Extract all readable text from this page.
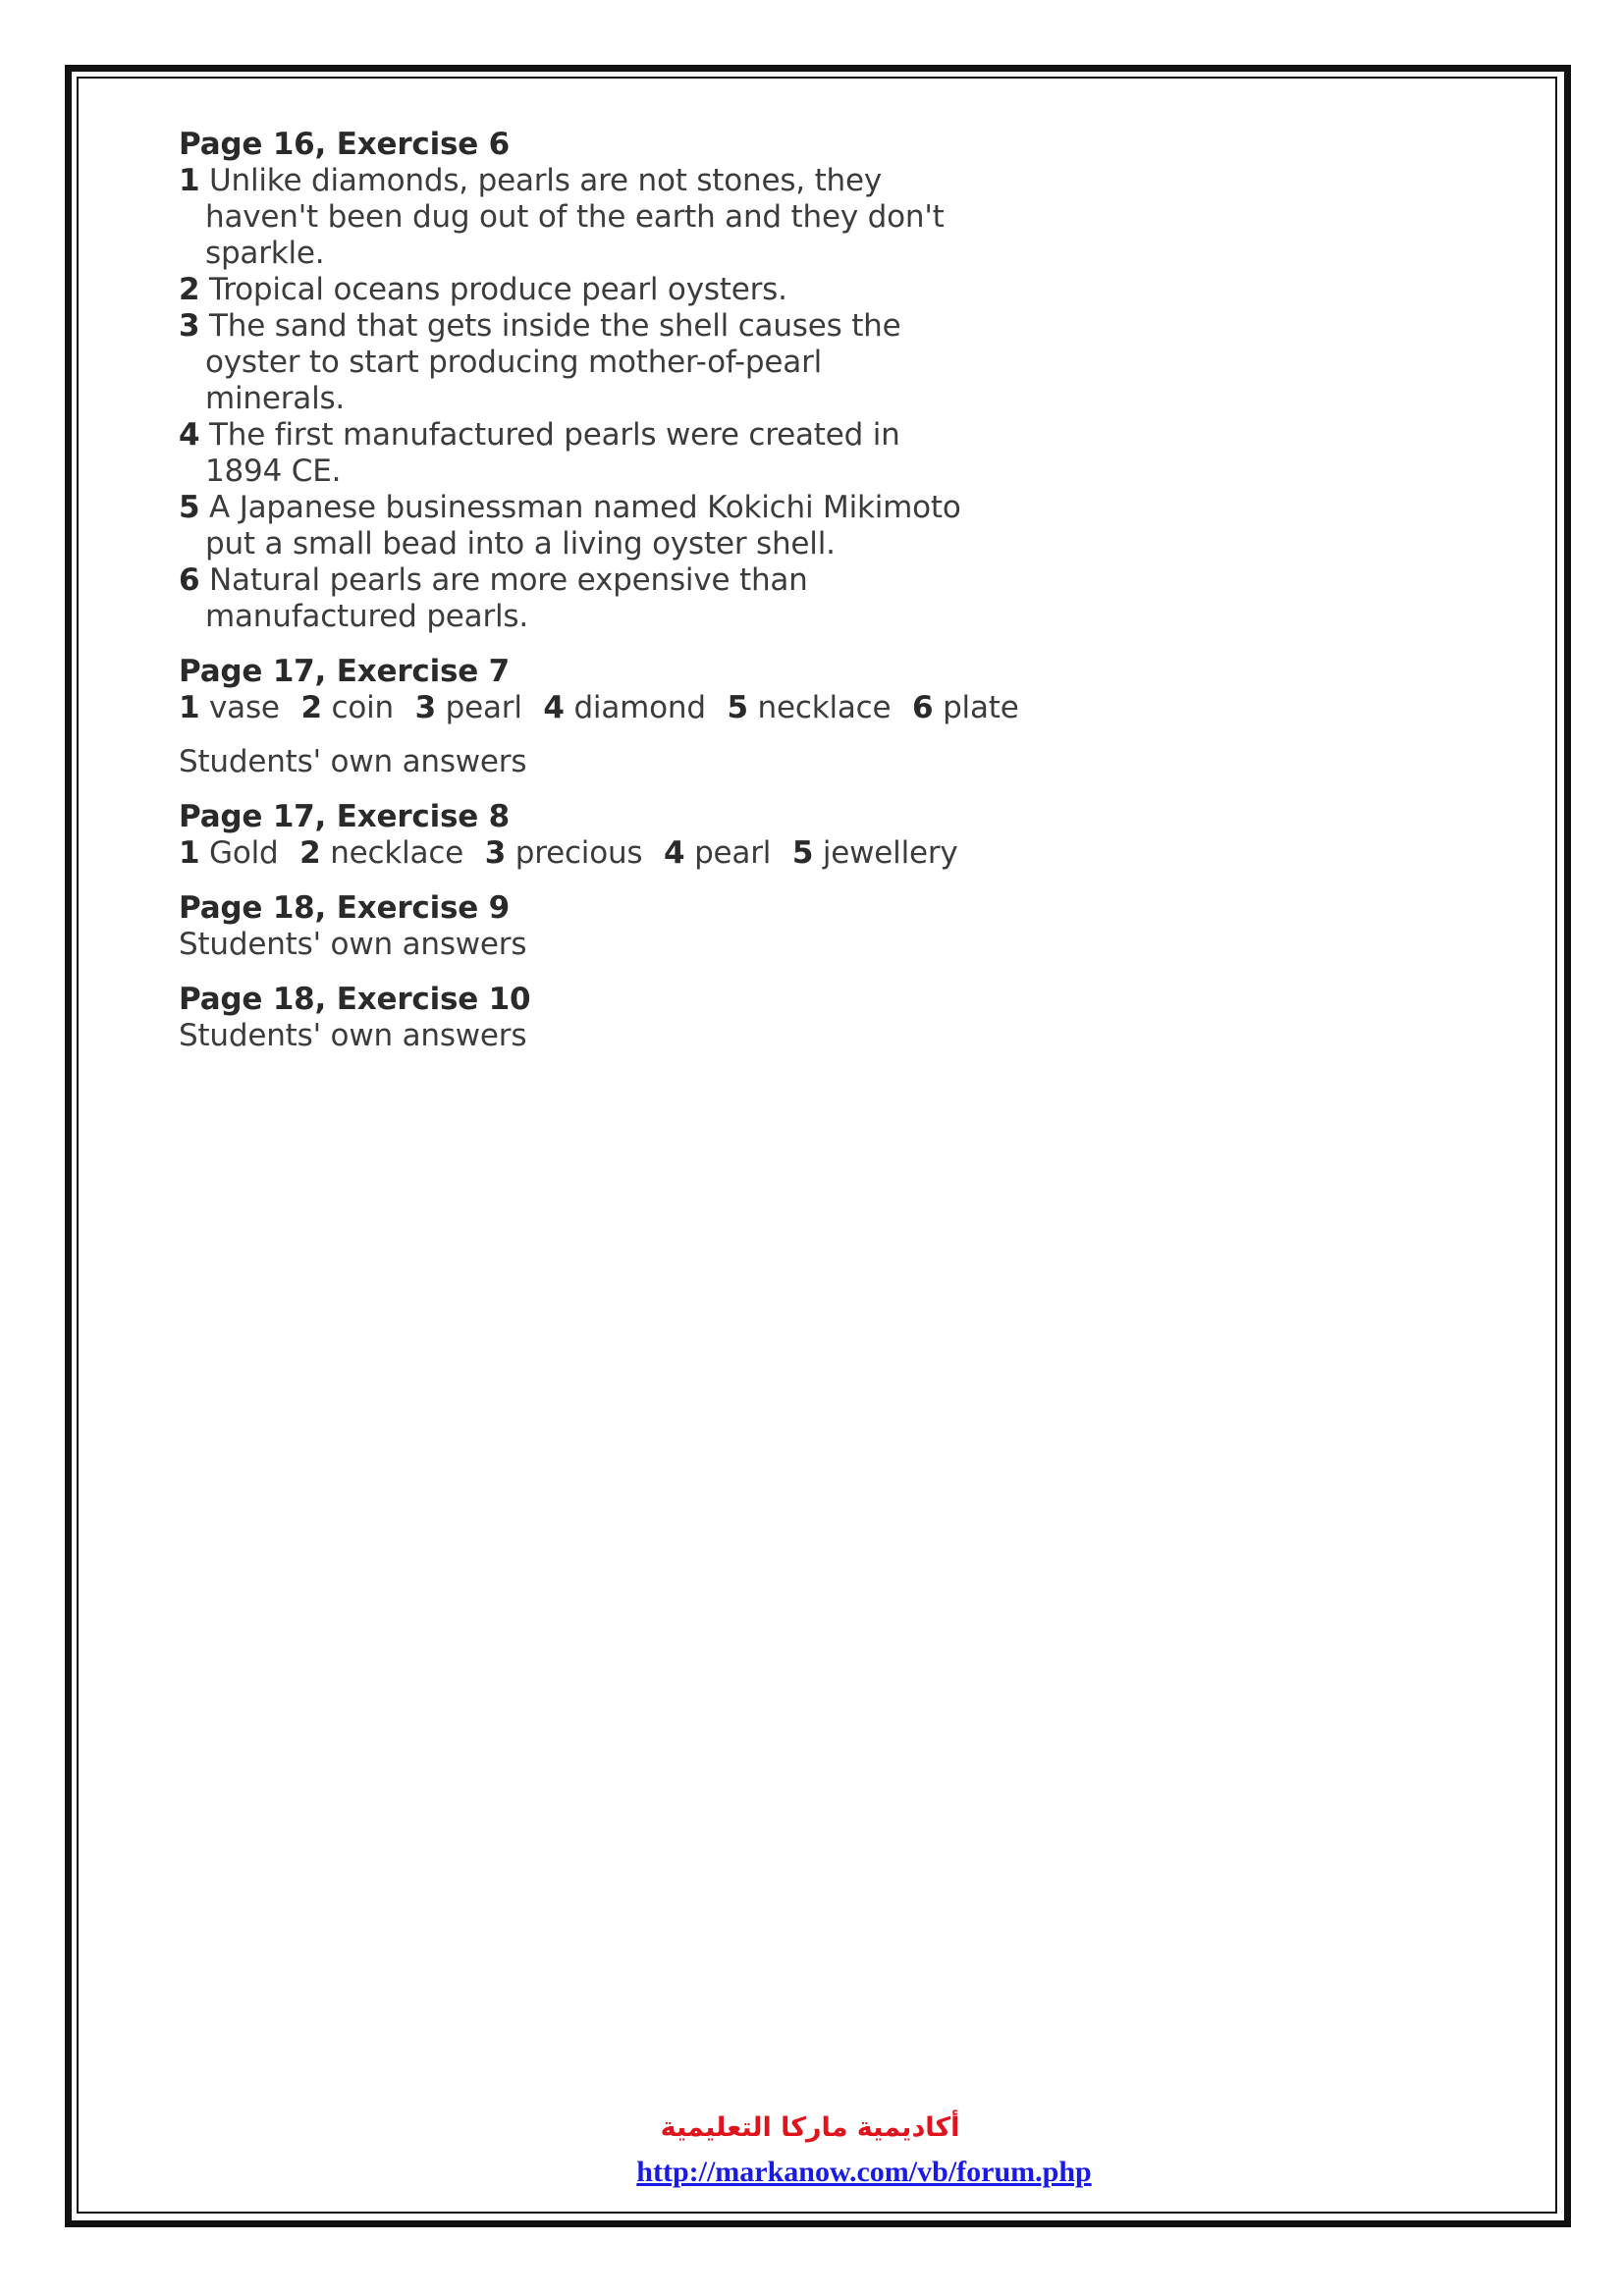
Page 16, Exercise 6
1 Unlike diamonds, pearls are not stones, they haven't been dug out of the earth and they don't sparkle.
2 Tropical oceans produce pearl oysters.
3 The sand that gets inside the shell causes the oyster to start producing mother-of-pearl minerals.
4 The first manufactured pearls were created in 1894 CE.
5 A Japanese businessman named Kokichi Mikimoto put a small bead into a living oyster shell.
6 Natural pearls are more expensive than manufactured pearls.
Page 17, Exercise 7
1 vase 2 coin 3 pearl 4 diamond 5 necklace 6 plate
Students' own answers
Page 17, Exercise 8
1 Gold 2 necklace 3 precious 4 pearl 5 jewellery
Page 18, Exercise 9
Students' own answers
Page 18, Exercise 10
Students' own answers
أكاديمية ماركا التعليمية
http://markanow.com/vb/forum.php
